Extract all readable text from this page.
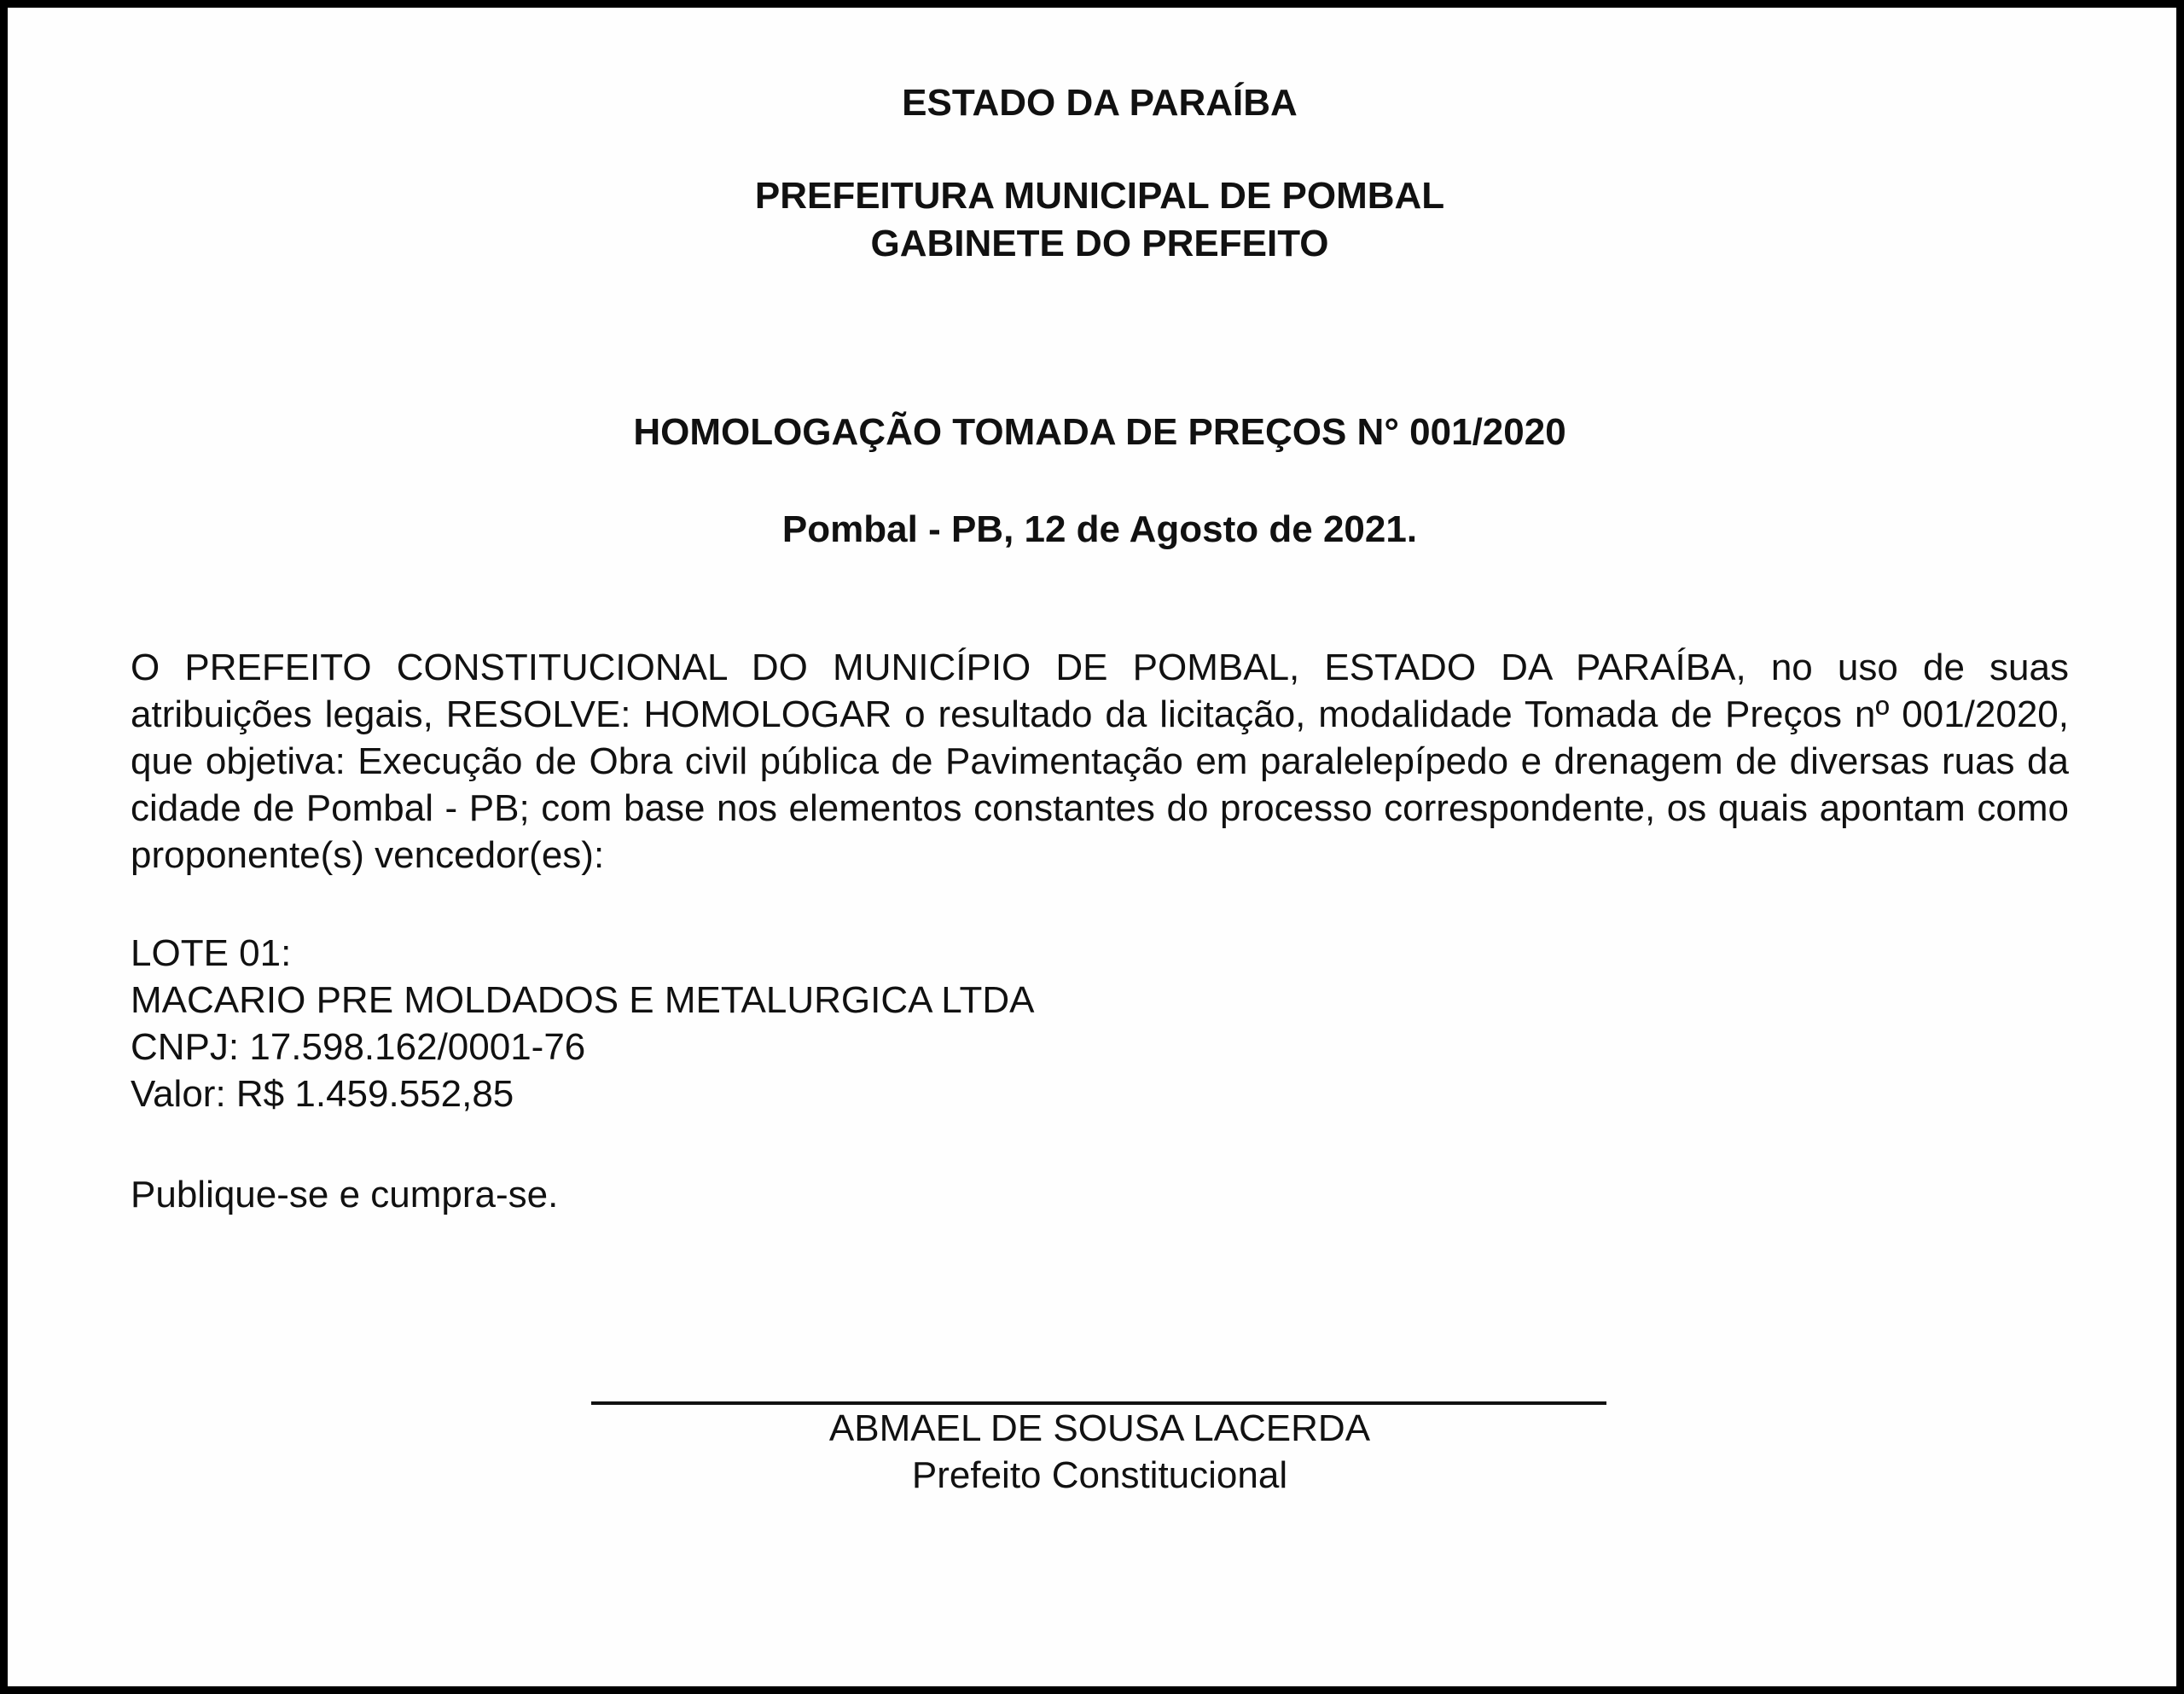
ESTADO DA PARAÍBA

PREFEITURA MUNICIPAL DE POMBAL

GABINETE DO PREFEITO

HOMOLOGAÇÃO TOMADA DE PREÇOS N° 001/2020

Pombal - PB, 12 de Agosto de 2021.

O PREFEITO CONSTITUCIONAL DO MUNICÍPIO DE POMBAL, ESTADO DA PARAÍBA, no uso de suas atribuições legais, RESOLVE: HOMOLOGAR o resultado da licitação, modalidade Tomada de Preços nº 001/2020, que objetiva: Execução de Obra civil pública de Pavimentação em paralelepípedo e drenagem de diversas ruas da cidade de Pombal - PB; com base nos elementos constantes do processo correspondente, os quais apontam como proponente(s) vencedor(es):

LOTE 01:

MACARIO PRE MOLDADOS E METALURGICA LTDA

CNPJ: 17.598.162/0001-76

Valor: R$ 1.459.552,85

Publique-se e cumpra-se.

ABMAEL DE SOUSA LACERDA

Prefeito Constitucional
